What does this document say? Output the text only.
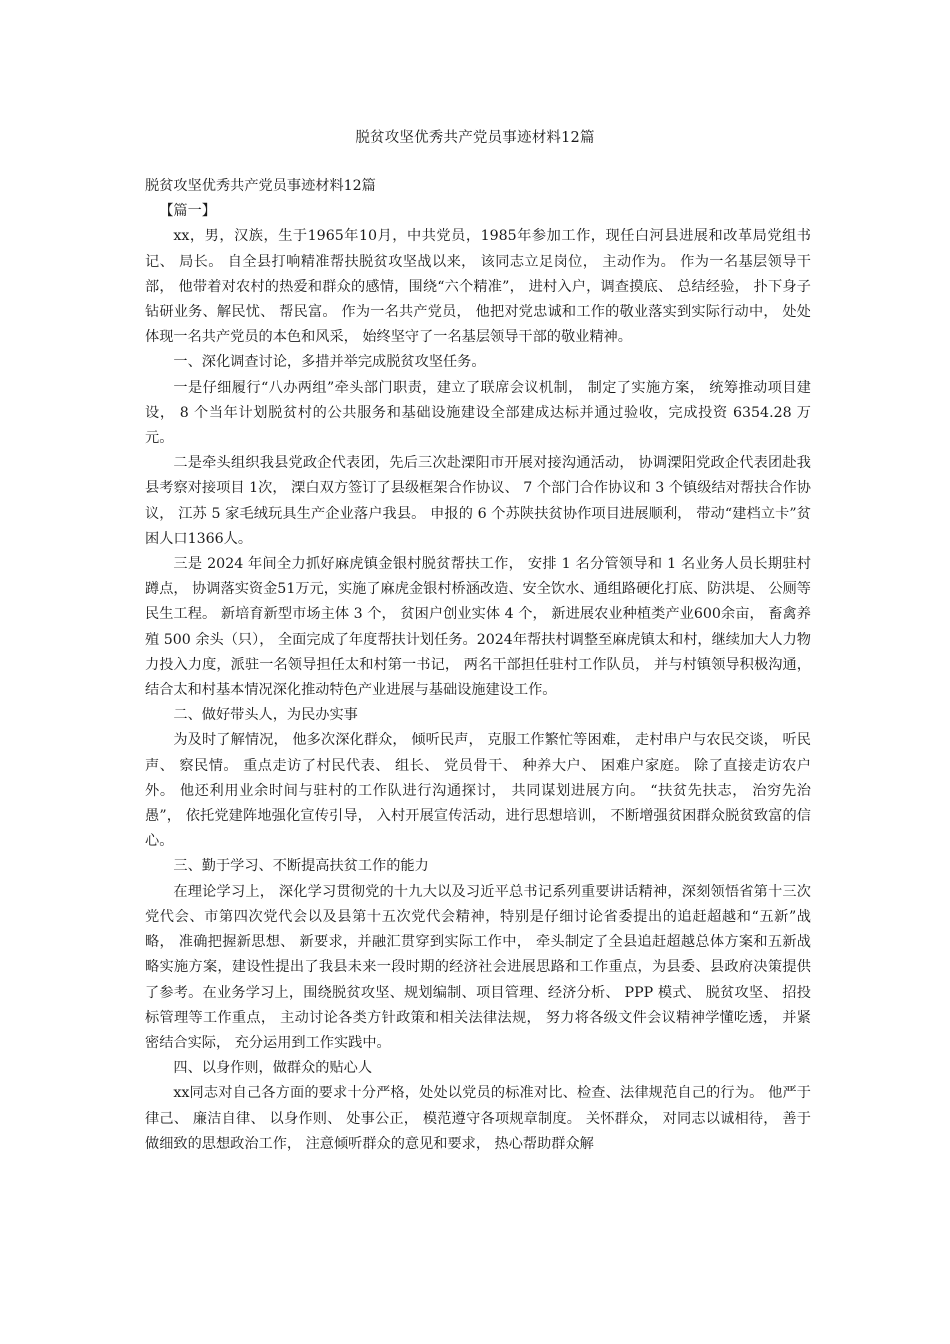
脱贫攻坚优秀共产党员事迹材料12篇

脱贫攻坚优秀共产党员事迹材料12篇

【篇一】

xx，男，汉族，生于1965年10月，中共党员，1985年参加工作，现任白河县进展和改革局党组书记、 局长。 自全县打响精准帮扶脱贫攻坚战以来， 该同志立足岗位， 主动作为。 作为一名基层领导干部， 他带着对农村的热爱和群众的感情，围绕“六个精准”， 进村入户，调查摸底、 总结经验， 扑下身子钻研业务、解民忧、 帮民富。 作为一名共产党员， 他把对党忠诚和工作的敬业落实到实际行动中， 处处体现一名共产党员的本色和风采， 始终坚守了一名基层领导干部的敬业精神。

一、深化调查讨论，多措并举完成脱贫攻坚任务。

一是仔细履行“八办两组”牵头部门职责，建立了联席会议机制， 制定了实施方案， 统筹推动项目建设， 8 个当年计划脱贫村的公共服务和基础设施建设全部建成达标并通过验收，完成投资 6354.28 万元。

二是牵头组织我县党政企代表团，先后三次赴溧阳市开展对接沟通活动， 协调溧阳党政企代表团赴我县考察对接项目 1次， 溧白双方签订了县级框架合作协议、 7 个部门合作协议和 3 个镇级结对帮扶合作协议， 江苏 5 家毛绒玩具生产企业落户我县。 申报的 6 个苏陕扶贫协作项目进展顺利， 带动“建档立卡”贫困人口1366人。

三是 2024 年间全力抓好麻虎镇金银村脱贫帮扶工作， 安排 1 名分管领导和 1 名业务人员长期驻村蹲点， 协调落实资金51万元，实施了麻虎金银村桥涵改造、安全饮水、通组路硬化打底、防洪堤、 公厕等民生工程。 新培育新型市场主体 3 个， 贫困户创业实体 4 个， 新进展农业种植类产业600余亩， 畜禽养殖 500 余头（只）， 全面完成了年度帮扶计划任务。2024年帮扶村调整至麻虎镇太和村，继续加大人力物力投入力度，派驻一名领导担任太和村第一书记， 两名干部担任驻村工作队员， 并与村镇领导积极沟通，结合太和村基本情况深化推动特色产业进展与基础设施建设工作。

二、做好带头人，为民办实事

为及时了解情况， 他多次深化群众， 倾听民声， 克服工作繁忙等困难， 走村串户与农民交谈， 听民声、 察民情。 重点走访了村民代表、 组长、 党员骨干、 种养大户、 困难户家庭。 除了直接走访农户外。 他还利用业余时间与驻村的工作队进行沟通探讨， 共同谋划进展方向。 “扶贫先扶志， 治穷先治愚”， 依托党建阵地强化宣传引导， 入村开展宣传活动，进行思想培训， 不断增强贫困群众脱贫致富的信心。

三、勤于学习、不断提高扶贫工作的能力

在理论学习上， 深化学习贯彻党的十九大以及习近平总书记系列重要讲话精神，深刻领悟省第十三次党代会、市第四次党代会以及县第十五次党代会精神，特别是仔细讨论省委提出的追赶超越和“五新”战略， 准确把握新思想、 新要求，并融汇贯穿到实际工作中， 牵头制定了全县追赶超越总体方案和五新战略实施方案，建设性提出了我县未来一段时期的经济社会进展思路和工作重点，为县委、县政府决策提供了参考。在业务学习上，围绕脱贫攻坚、规划编制、项目管理、经济分析、 PPP 模式、 脱贫攻坚、 招投标管理等工作重点， 主动讨论各类方针政策和相关法律法规， 努力将各级文件会议精神学懂吃透， 并紧密结合实际， 充分运用到工作实践中。

四、以身作则，做群众的贴心人

xx同志对自己各方面的要求十分严格，处处以党员的标准对比、检查、法律规范自己的行为。 他严于律己、 廉洁自律、 以身作则、 处事公正， 模范遵守各项规章制度。 关怀群众， 对同志以诚相待， 善于做细致的思想政治工作， 注意倾听群众的意见和要求， 热心帮助群众解
